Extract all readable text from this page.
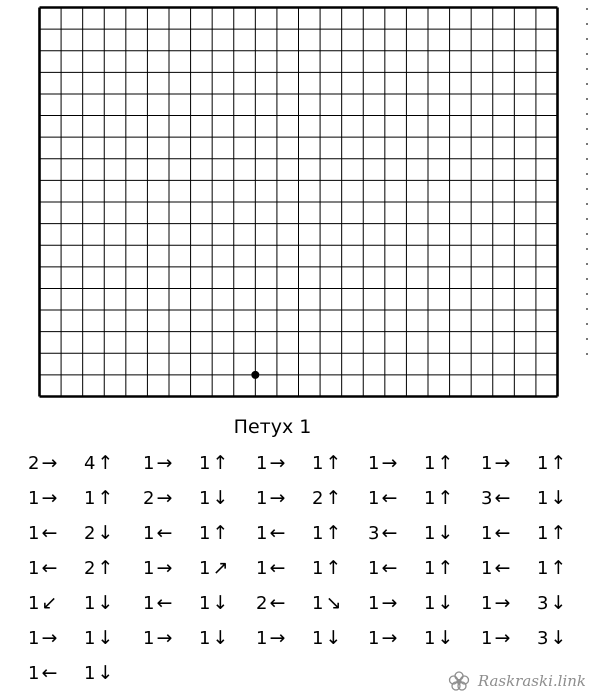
Петух 1
2 → 4 ↑ 1 → 1 ↑ 1 → 1 ↑ 1 → 1 ↑ 1 → 1 ↑
1 → 1 ↑ 2 → 1 ↓ 1 → 2 ↑ 1 ← 1 ↑ 3 ← 1 ↓
1 ← 2 ↓ 1 ← 1 ↑ 1 ← 1 ↑ 3 ← 1 ↓ 1 ← 1 ↑
1 ← 2 ↑ 1 → 1 ↗ 1 ← 1 ↑ 1 ← 1 ↑ 1 ← 1 ↑
1 ↙ 1 ↓ 1 ← 1 ↓ 2 ← 1 ↘ 1 → 1 ↓ 1 → 3 ↓
1 → 1 ↓ 1 → 1 ↓ 1 → 1 ↓ 1 → 1 ↓ 1 → 3 ↓
1 ← 1 ↓	Raskraski.link
